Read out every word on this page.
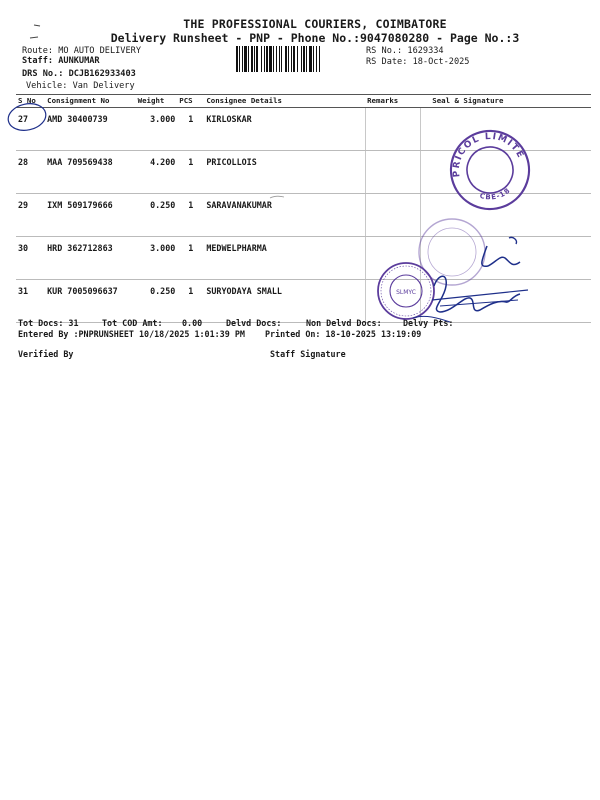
THE PROFESSIONAL COURIERS, COIMBATORE
Delivery Runsheet - PNP - Phone No.:9047080280 - Page No.:3
Route: MO AUTO DELIVERY
Staff: AUNKUMAR
DRS No.: DCJB162933403
Vehicle: Van Delivery
RS No.: 1629334
RS Date: 18-Oct-2025
S No	Consignment No	Weight	PCS	Consignee Details	Remarks	Seal & Signature
27	AMD 30400739	3.000	1	KIRLOSKAR		
28	MAA 709569438	4.200	1	PRICOLLOIS		
29	IXM 509179666	0.250	1	SARAVANAKUMAR		
30	HRD 362712863	3.000	1	MEDWELPHARMA		
31	KUR 7005096637	0.250	1	SURYODAYA SMALL		
Tot Docs: 31	Tot COD Amt: 0.00	Delvd Docs:	Non Delvd Docs:	Delvy Pts:
Entered By :PNPRUNSHEET 10/18/2025 1:01:39 PM Printed On: 18-10-2025 13:19:09
Verified By	Staff Signature
TU
PRICOL LIMITED
CBE-18
187
P. Shru
9842249023
SLMYC
